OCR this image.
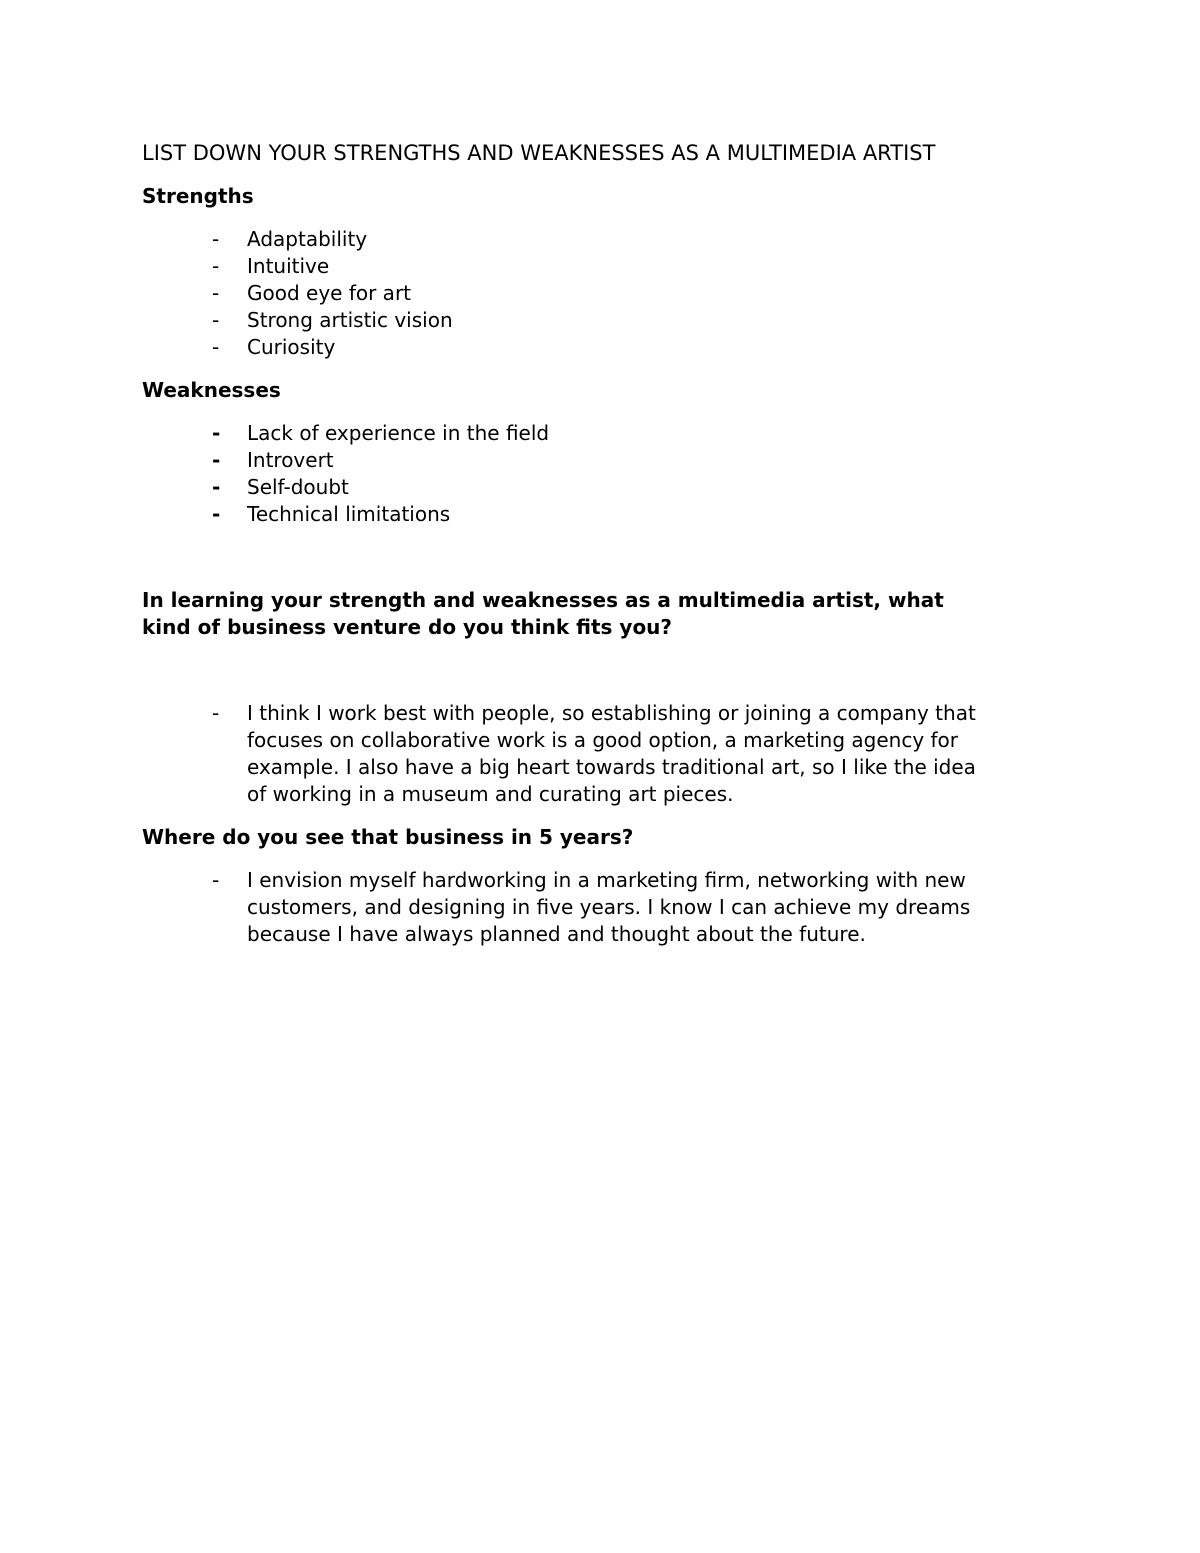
LIST DOWN YOUR STRENGTHS AND WEAKNESSES AS A MULTIMEDIA ARTIST
Strengths
- Adaptability
- Intuitive
- Good eye for art
- Strong artistic vision
- Curiosity
Weaknesses
- Lack of experience in the field
- Introvert
- Self-doubt
- Technical limitations
In learning your strength and weaknesses as a multimedia artist, what
kind of business venture do you think fits you?
- I think I work best with people, so establishing or joining a company that
focuses on collaborative work is a good option, a marketing agency for
example. I also have a big heart towards traditional art, so I like the idea
of working in a museum and curating art pieces.
Where do you see that business in 5 years?
- I envision myself hardworking in a marketing firm, networking with new
customers, and designing in five years. I know I can achieve my dreams
because I have always planned and thought about the future.
